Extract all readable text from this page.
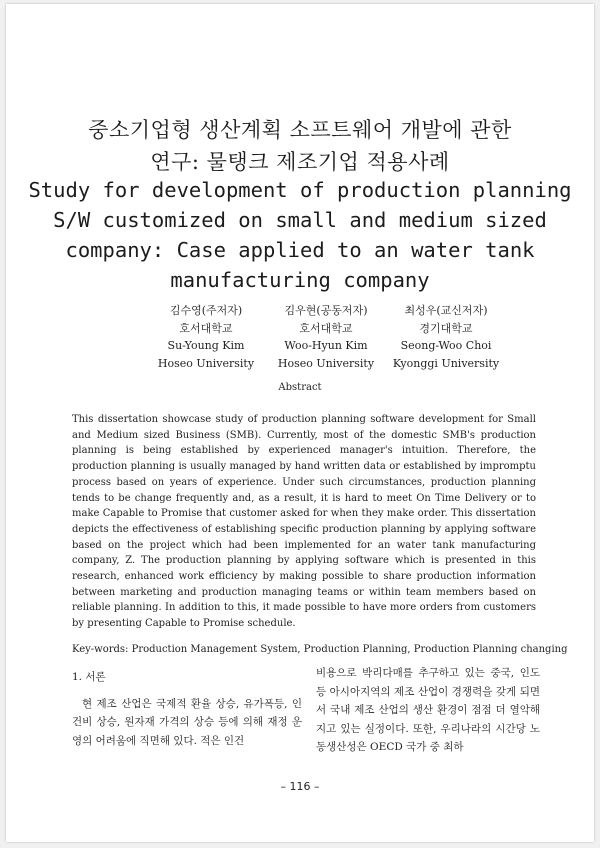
중소기업형 생산계획 소프트웨어 개발에 관한
연구: 물탱크 제조기업 적용사례
Study for development of production planning
S/W customized on small and medium sized
company: Case applied to an water tank
manufacturing company
김수영(주저자)
호서대학교
Su-Young Kim
Hoseo University
김우현(공동저자)
호서대학교
Woo-Hyun Kim
Hoseo University
최성우(교신저자)
경기대학교
Seong-Woo Choi
Kyonggi University
Abstract

This dissertation showcase study of production planning software development for Small and Medium sized Business (SMB). Currently, most of the domestic SMB's production planning is being established by experienced manager's intuition. Therefore, the production planning is usually managed by hand written data or established by impromptu process based on years of experience. Under such circumstances, production planning tends to be change frequently and, as a result, it is hard to meet On Time Delivery or to make Capable to Promise that customer asked for when they make order. This dissertation depicts the effectiveness of establishing specific production planning by applying software based on the project which had been implemented for an water tank manufacturing company, Z. The production planning by applying software which is presented in this research, enhanced work efficiency by making possible to share production information between marketing and production managing teams or within team members based on reliable planning. In addition to this, it made possible to have more orders from customers by presenting Capable to Promise schedule.

Key-words: Production Management System, Production Planning, Production Planning changing

1. 서론

현 제조 산업은 국제적 환율 상승, 유가폭등, 인건비 상승, 원자재 가격의 상승 등에 의해 재정 운영의 어려움에 직면해 있다. 적은 인건

비용으로 박리다매를 추구하고 있는 중국, 인도 등 아시아지역의 제조 산업이 경쟁력을 갖게 되면서 국내 제조 산업의 생산 환경이 점점 더 열악해 지고 있는 실정이다. 또한, 우리나라의 시간당 노동생산성은 OECD 국가 중 최하

– 116 –
